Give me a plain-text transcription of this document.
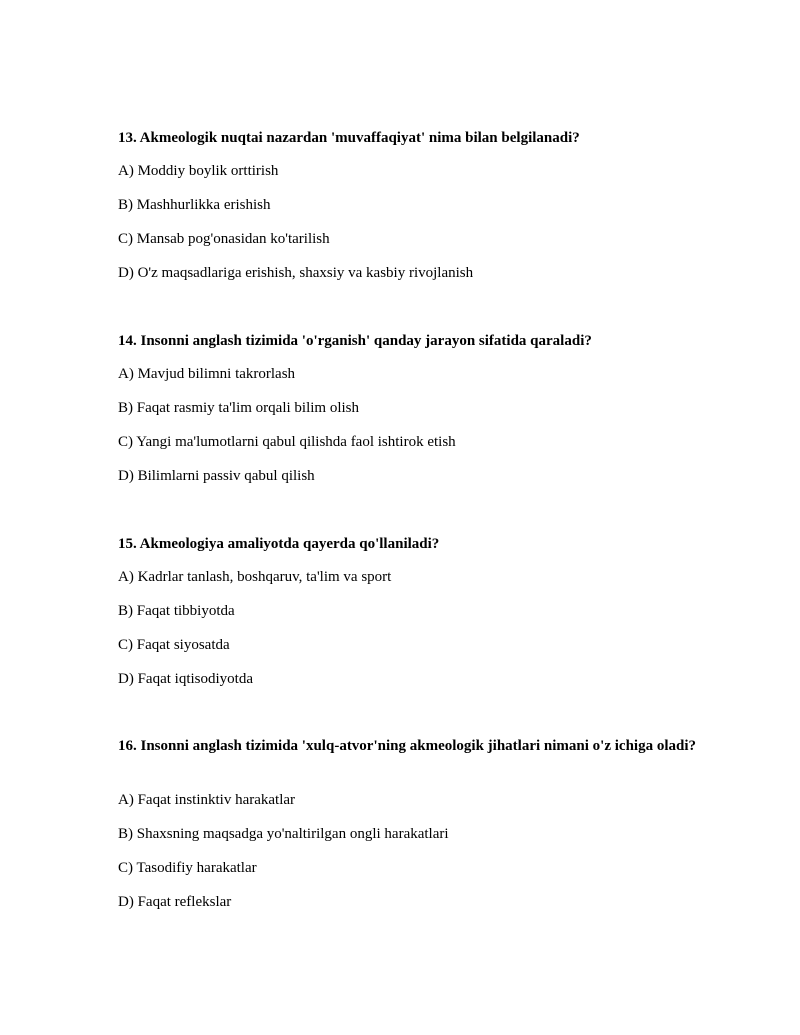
13. Akmeologik nuqtai nazardan 'muvaffaqiyat' nima bilan belgilanadi?

A) Moddiy boylik orttirish

B) Mashhurlikka erishish

C) Mansab pog'onasidan ko'tarilish

D) O'z maqsadlariga erishish, shaxsiy va kasbiy rivojlanish

14. Insonni anglash tizimida 'o'rganish' qanday jarayon sifatida qaraladi?

A) Mavjud bilimni takrorlash

B) Faqat rasmiy ta'lim orqali bilim olish

C) Yangi ma'lumotlarni qabul qilishda faol ishtirok etish

D) Bilimlarni passiv qabul qilish

15. Akmeologiya amaliyotda qayerda qo'llaniladi?

A) Kadrlar tanlash, boshqaruv, ta'lim va sport

B) Faqat tibbiyotda

C) Faqat siyosatda

D) Faqat iqtisodiyotda

16. Insonni anglash tizimida 'xulq-atvor'ning akmeologik jihatlari nimani o'z ichiga oladi?

A) Faqat instinktiv harakatlar

B) Shaxsning maqsadga yo'naltirilgan ongli harakatlari

C) Tasodifiy harakatlar

D) Faqat reflekslar
